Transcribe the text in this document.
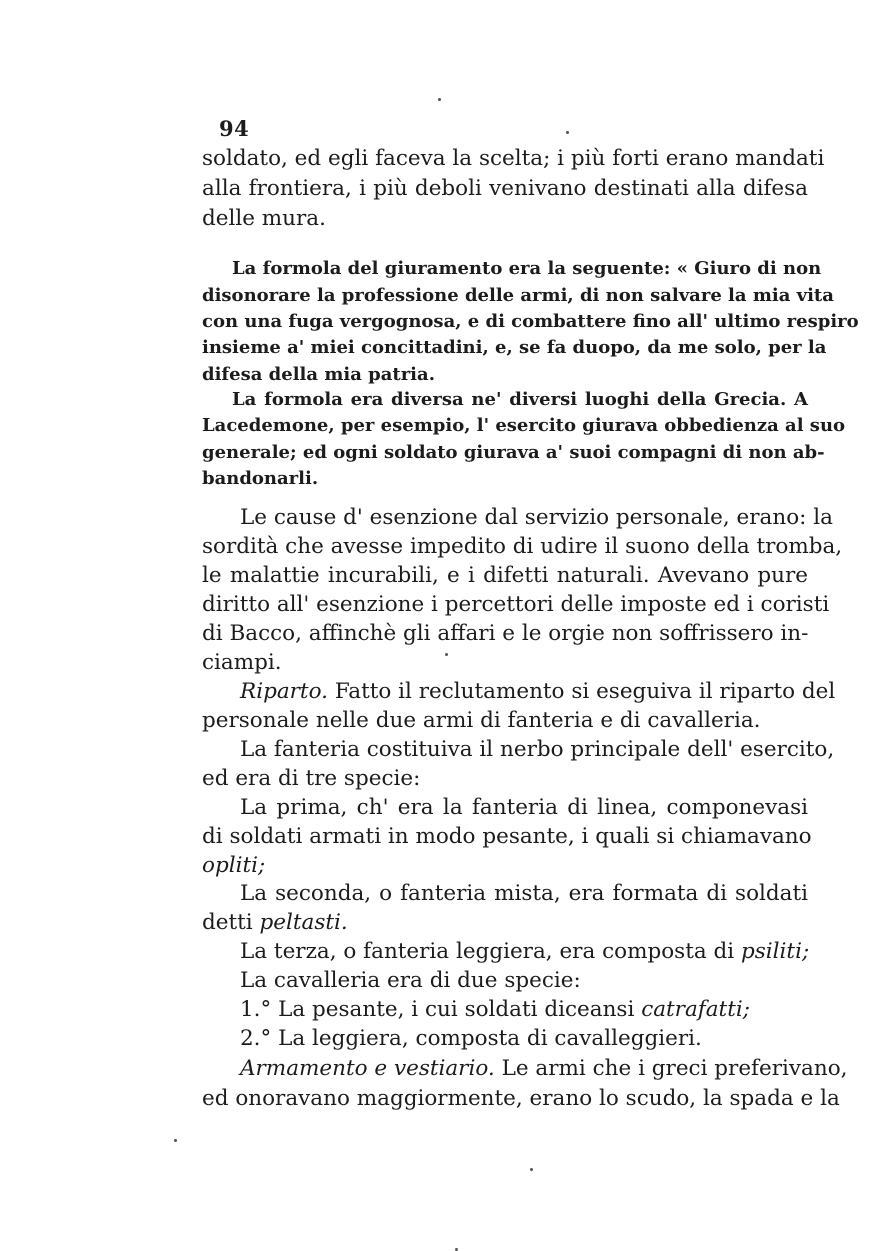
94
soldato, ed egli faceva la scelta; i più forti erano mandati
alla frontiera, i più deboli venivano destinati alla difesa
delle mura.
La formola del giuramento era la seguente: « Giuro di non
disonorare la professione delle armi, di non salvare la mia vita
con una fuga vergognosa, e di combattere fino all' ultimo respiro
insieme a' miei concittadini, e, se fa duopo, da me solo, per la
difesa della mia patria.
La formola era diversa ne' diversi luoghi della Grecia. A
Lacedemone, per esempio, l' esercito giurava obbedienza al suo
generale; ed ogni soldato giurava a' suoi compagni di non ab-
bandonarli.
Le cause d' esenzione dal servizio personale, erano: la
sordità che avesse impedito di udire il suono della tromba,
le malattie incurabili, e i difetti naturali. Avevano pure
diritto all' esenzione i percettori delle imposte ed i coristi
di Bacco, affinchè gli affari e le orgie non soffrissero in-
ciampi.
Riparto. Fatto il reclutamento si eseguiva il riparto del
personale nelle due armi di fanteria e di cavalleria.
La fanteria costituiva il nerbo principale dell' esercito,
ed era di tre specie:
La prima, ch' era la fanteria di linea, componevasi
di soldati armati in modo pesante, i quali si chiamavano
opliti;
La seconda, o fanteria mista, era formata di soldati
detti peltasti.
La terza, o fanteria leggiera, era composta di psiliti;
La cavalleria era di due specie:
1.° La pesante, i cui soldati diceansi catrafatti;
2.° La leggiera, composta di cavalleggieri.
Armamento e vestiario. Le armi che i greci preferivano,
ed onoravano maggiormente, erano lo scudo, la spada e la
